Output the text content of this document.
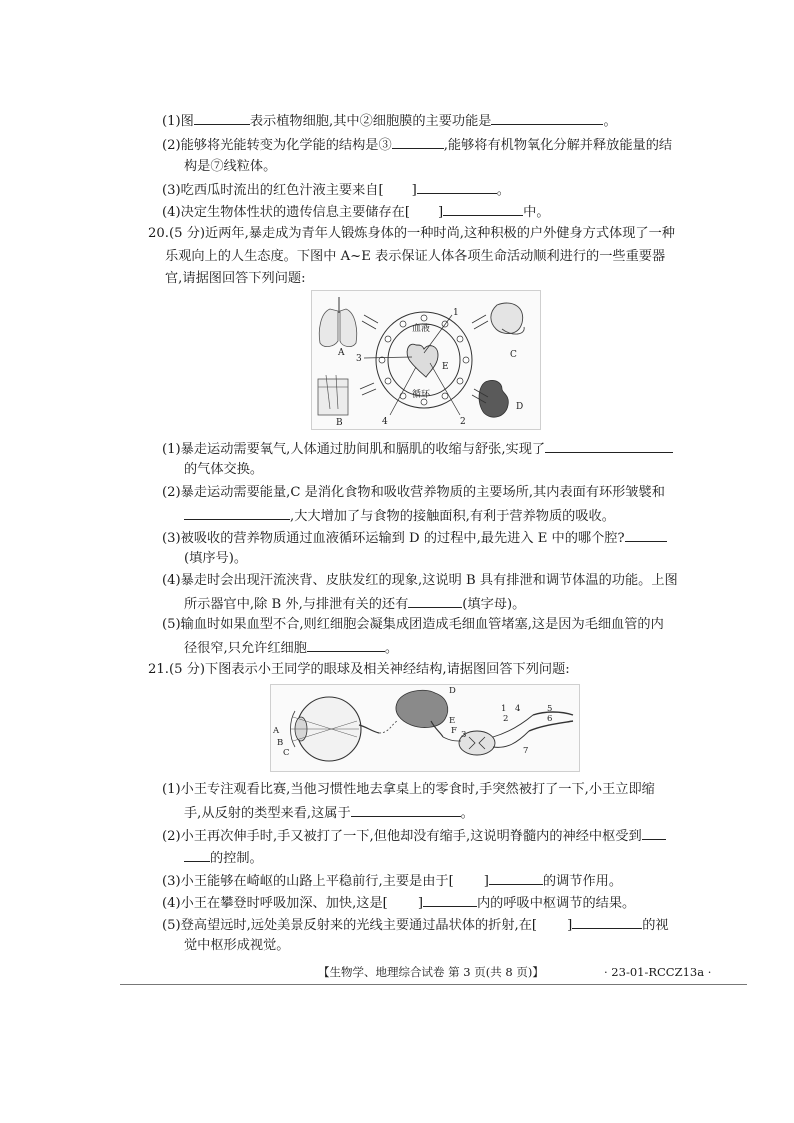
(1)图	表示植物细胞,其中②细胞膜的主要功能是	。
(2)能够将光能转变为化学能的结构是③	,能够将有机物氧化分解并释放能量的结
构是⑦线粒体。
(3)吃西瓜时流出的红色汁液主要来自[ ]	。
(4)决定生物体性状的遗传信息主要储存在[ ]	中。
20.(5 分)近两年,暴走成为青年人锻炼身体的一种时尚,这种积极的户外健身方式体现了一种
乐观向上的人生态度。下图中 A~E 表示保证人体各项生命活动顺利进行的一些重要器
官,请据图回答下列问题:
A
B
C
D
E
1
2
3
4
血液
循环
(1)暴走运动需要氧气,人体通过肋间肌和膈肌的收缩与舒张,实现了
的气体交换。
(2)暴走运动需要能量,C 是消化食物和吸收营养物质的主要场所,其内表面有环形皱襞和
,大大增加了与食物的接触面积,有利于营养物质的吸收。
(3)被吸收的营养物质通过血液循环运输到 D 的过程中,最先进入 E 中的哪个腔?
(填序号)。
(4)暴走时会出现汗流浃背、皮肤发红的现象,这说明 B 具有排泄和调节体温的功能。上图
所示器官中,除 B 外,与排泄有关的还有	(填字母)。
(5)输血时如果血型不合,则红细胞会凝集成团造成毛细血管堵塞,这是因为毛细血管的内
径很窄,只允许红细胞	。
21.(5 分)下图表示小王同学的眼球及相关神经结构,请据图回答下列问题:
A
B
C
D
E
F
1
2
3
4	5
6
7
(1)小王专注观看比赛,当他习惯性地去拿桌上的零食时,手突然被打了一下,小王立即缩
手,从反射的类型来看,这属于	。
(2)小王再次伸手时,手又被打了一下,但他却没有缩手,这说明脊髓内的神经中枢受到
的控制。
(3)小王能够在崎岖的山路上平稳前行,主要是由于[ ]	的调节作用。
(4)小王在攀登时呼吸加深、加快,这是[ ]	内的呼吸中枢调节的结果。
(5)登高望远时,远处美景反射来的光线主要通过晶状体的折射,在[ ]	的视
觉中枢形成视觉。
【生物学、地理综合试卷 第 3 页(共 8 页)】	· 23-01-RCCZ13a ·
